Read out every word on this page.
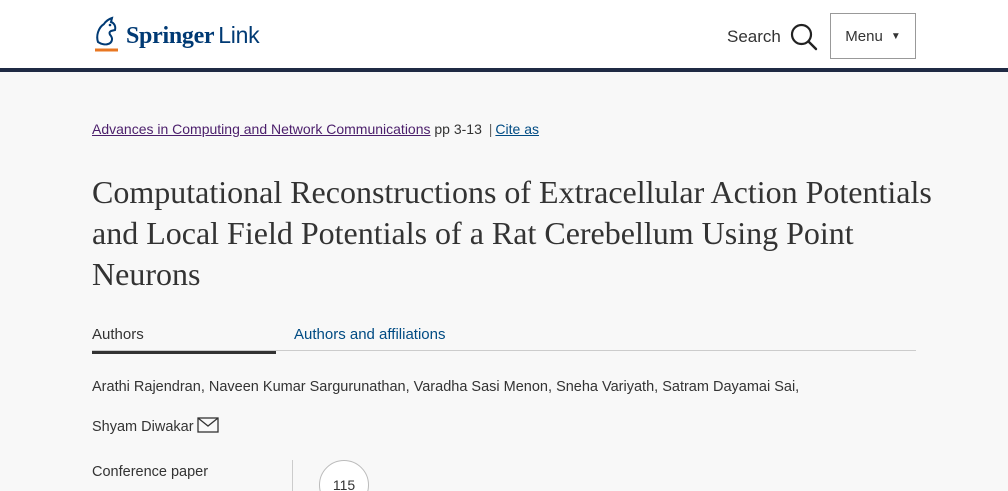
Springer Link	Search	Menu ▼
Advances in Computing and Network Communications pp 3-13 | Cite as
Computational Reconstructions of Extracellular Action Potentials and Local Field Potentials of a Rat Cerebellum Using Point Neurons
Authors	Authors and affiliations
Arathi Rajendran, Naveen Kumar Sargurunathan, Varadha Sasi Menon, Sneha Variyath, Satram Dayamai Sai,
Shyam Diwakar
Conference paper
115
